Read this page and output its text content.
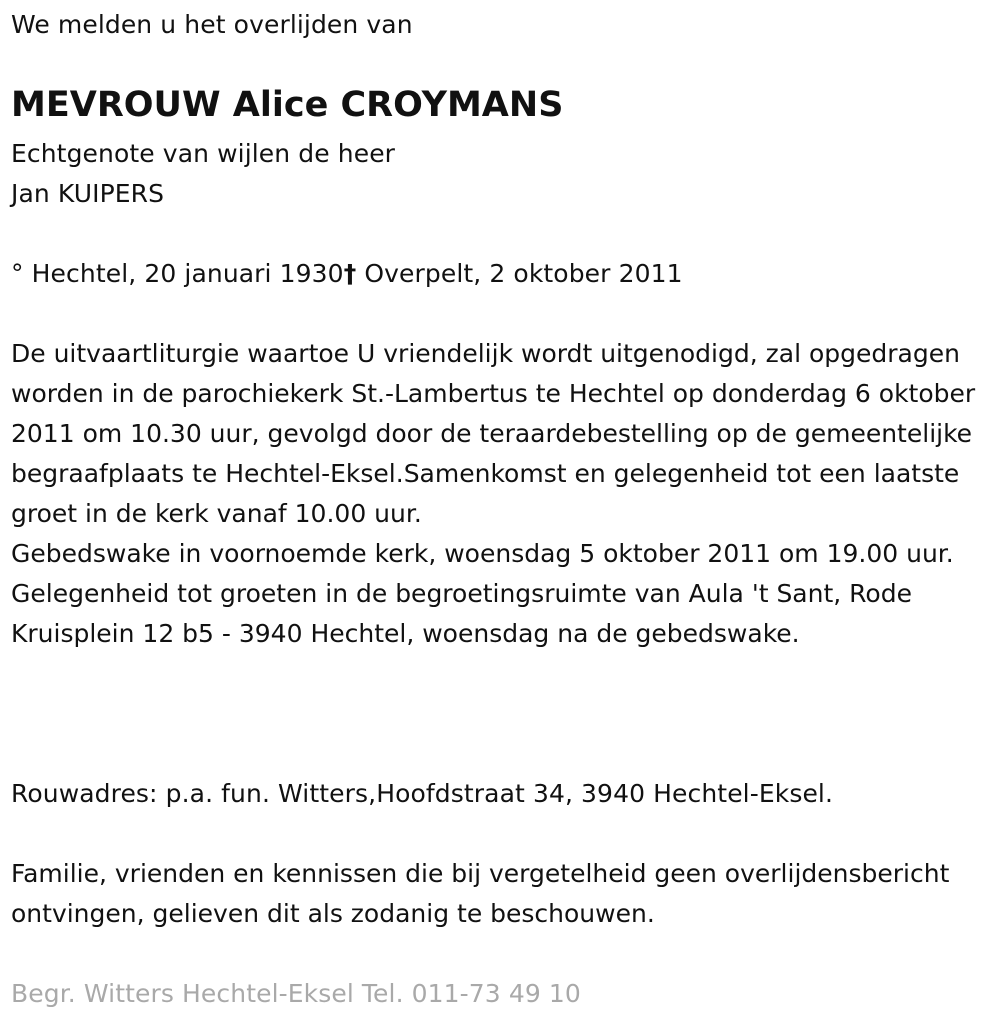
We melden u het overlijden van
MEVROUW Alice CROYMANS
Echtgenote van wijlen de heer
Jan KUIPERS
° Hechtel, 20 januari 1930† Overpelt, 2 oktober 2011

De uitvaartliturgie waartoe U vriendelijk wordt uitgenodigd, zal opgedragen worden in de parochiekerk St.-Lambertus te Hechtel op donderdag 6 oktober 2011 om 10.30 uur, gevolgd door de teraardebestelling op de gemeentelijke begraafplaats te Hechtel-Eksel.Samenkomst en gelegenheid tot een laatste groet in de kerk vanaf 10.00 uur.

Gebedswake in voornoemde kerk, woensdag 5 oktober 2011 om 19.00 uur.

Gelegenheid tot groeten in de begroetingsruimte van Aula 't Sant, Rode Kruisplein 12 b5 - 3940 Hechtel, woensdag na de gebedswake.

Rouwadres: p.a. fun. Witters,Hoofdstraat 34, 3940 Hechtel-Eksel.
Familie, vrienden en kennissen die bij vergetelheid geen overlijdensbericht ontvingen, gelieven dit als zodanig te beschouwen.
Begr. Witters Hechtel-Eksel Tel. 011-73 49 10
